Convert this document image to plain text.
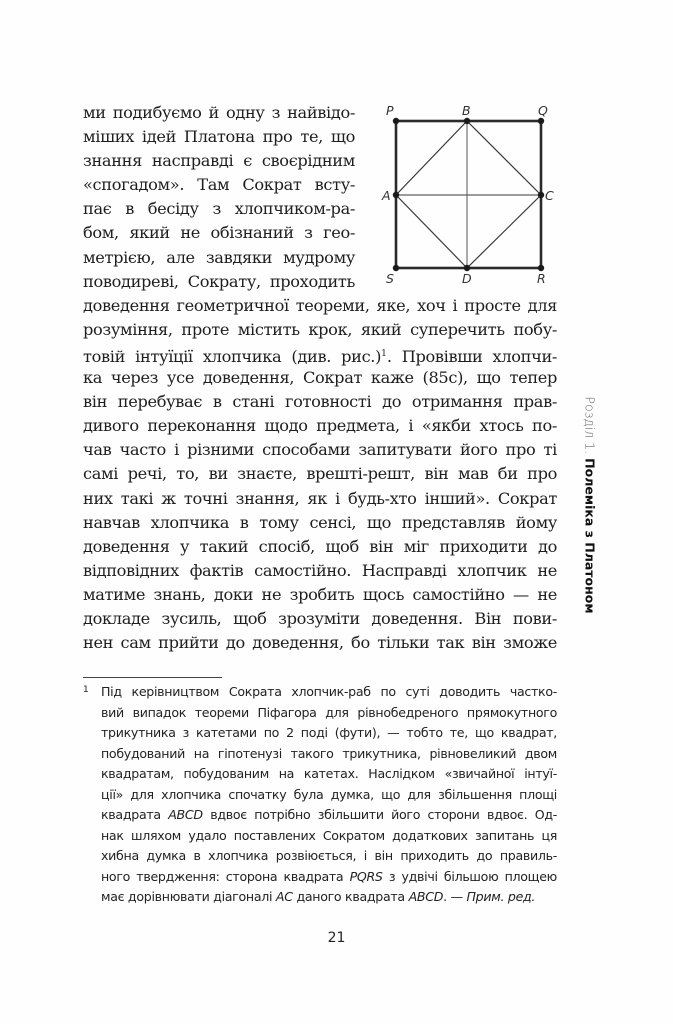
ми подибуємо й одну з найвідо-
міших ідей Платона про те, що
знання насправді є своєрідним
«спогадом». Там Сократ всту-
пає в бесіду з хлопчиком-ра-
бом, який не обізнаний з гео-
метрією, але завдяки мудрому
поводиреві, Сократу, проходить
доведення геометричної теореми, яке, хоч і просте для
розуміння, проте містить крок, який суперечить побу-
товій інтуїції хлопчика (див. рис.)$^1$. Провівши хлопчи-
ка через усе доведення, Сократ каже (85c), що тепер
він перебуває в стані готовності до отримання прав-
дивого переконання щодо предмета, і «якби хтось по-
чав часто і різними способами запитувати його про ті
самі речі, то, ви знаєте, врешті-решт, він мав би про
них такі ж точні знання, як і будь-хто інший». Сократ
навчав хлопчика в тому сенсі, що представляв йому
доведення у такий спосіб, щоб він міг приходити до
відповідних фактів самостійно. Насправді хлопчик не
матиме знань, доки не зробить щось самостійно — не
докладе зусиль, щоб зрозуміти доведення. Він пови-
нен сам прийти до доведення, бо тільки так він зможе
P	B	Q
A	C
S	D	R
1 Під керівництвом Сократа хлопчик-раб по суті доводить частко-
вий випадок теореми Піфагора для рівнобедреного прямокутного
трикутника з катетами по 2 поді (фути), — тобто те, що квадрат,
побудований на гіпотенузі такого трикутника, рівновеликий двом
квадратам, побудованим на катетах. Наслідком «звичайної інтуї-
ції» для хлопчика спочатку була думка, що для збільшення площі
квадрата ABCD вдвоє потрібно збільшити його сторони вдвоє. Од-
нак шляхом удало поставлених Сократом додаткових запитань ця
хибна думка в хлопчика розвіюється, і він приходить до правиль-
ного твердження: сторона квадрата PQRS з удвічі більшою площею
має дорівнювати діагоналі AC даного квадрата ABCD. — Прим. ред.
Розділ 1. Полеміка з Платоном
21
